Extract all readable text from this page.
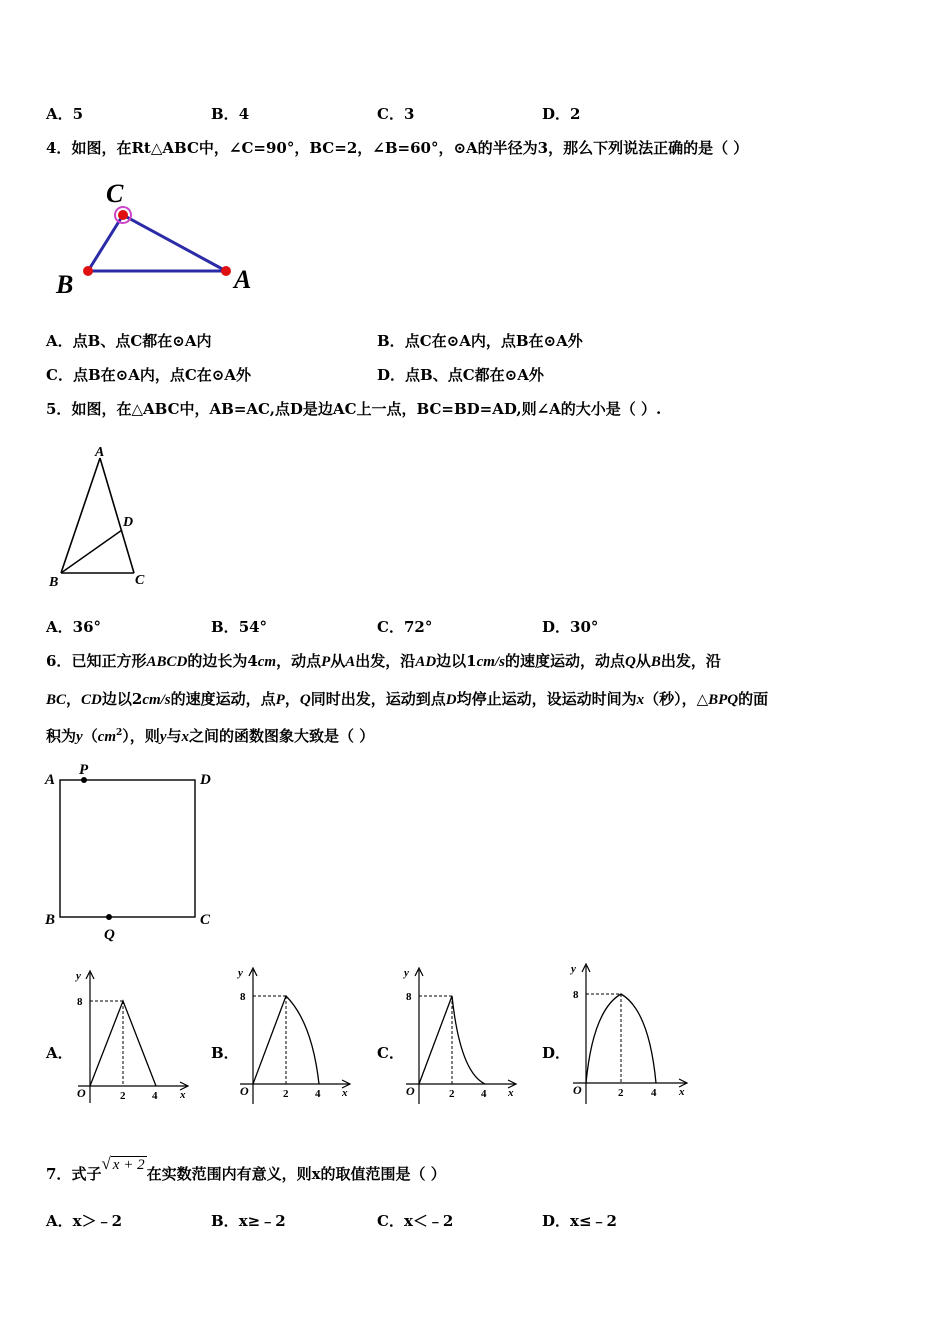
A．5	B．4	C．3	D．2
4．如图，在Rt△ABC中，∠C=90°，BC=2，∠B=60°，⊙A的半径为3，那么下列说法正确的是（ ）
C
B	A
A．点B、点C都在⊙A内	B．点C在⊙A内，点B在⊙A外
C．点B在⊙A内，点C在⊙A外	D．点B、点C都在⊙A外
5．如图，在△ABC中，AB=AC,点D是边AC上一点，BC=BD=AD,则∠A的大小是（ ）.
A
B	C
D
A．36°	B．54°	C．72°	D．30°
6．已知正方形ABCD的边长为4cm，动点P从A出发，沿AD边以1cm/s的速度运动，动点Q从B出发，沿
BC，CD边以2cm/s的速度运动，点P，Q同时出发，运动到点D均停止运动，设运动时间为x（秒），△BPQ的面
积为$y(cm^2)$，则y与x之间的函数图象大致是（ ）
A
P
D
B
Q
C
A．	B．	C．	D．
y
x
O
8
2 4
y
x
O
8
2 4
y
x
O
8
2 4
y
x
O
8
2	4
7．式子√ x + 2 在实数范围内有意义，则x的取值范围是（ ）
A．x＞﹣2	B．x≥﹣2	C．x＜﹣2	D．x≤﹣2
